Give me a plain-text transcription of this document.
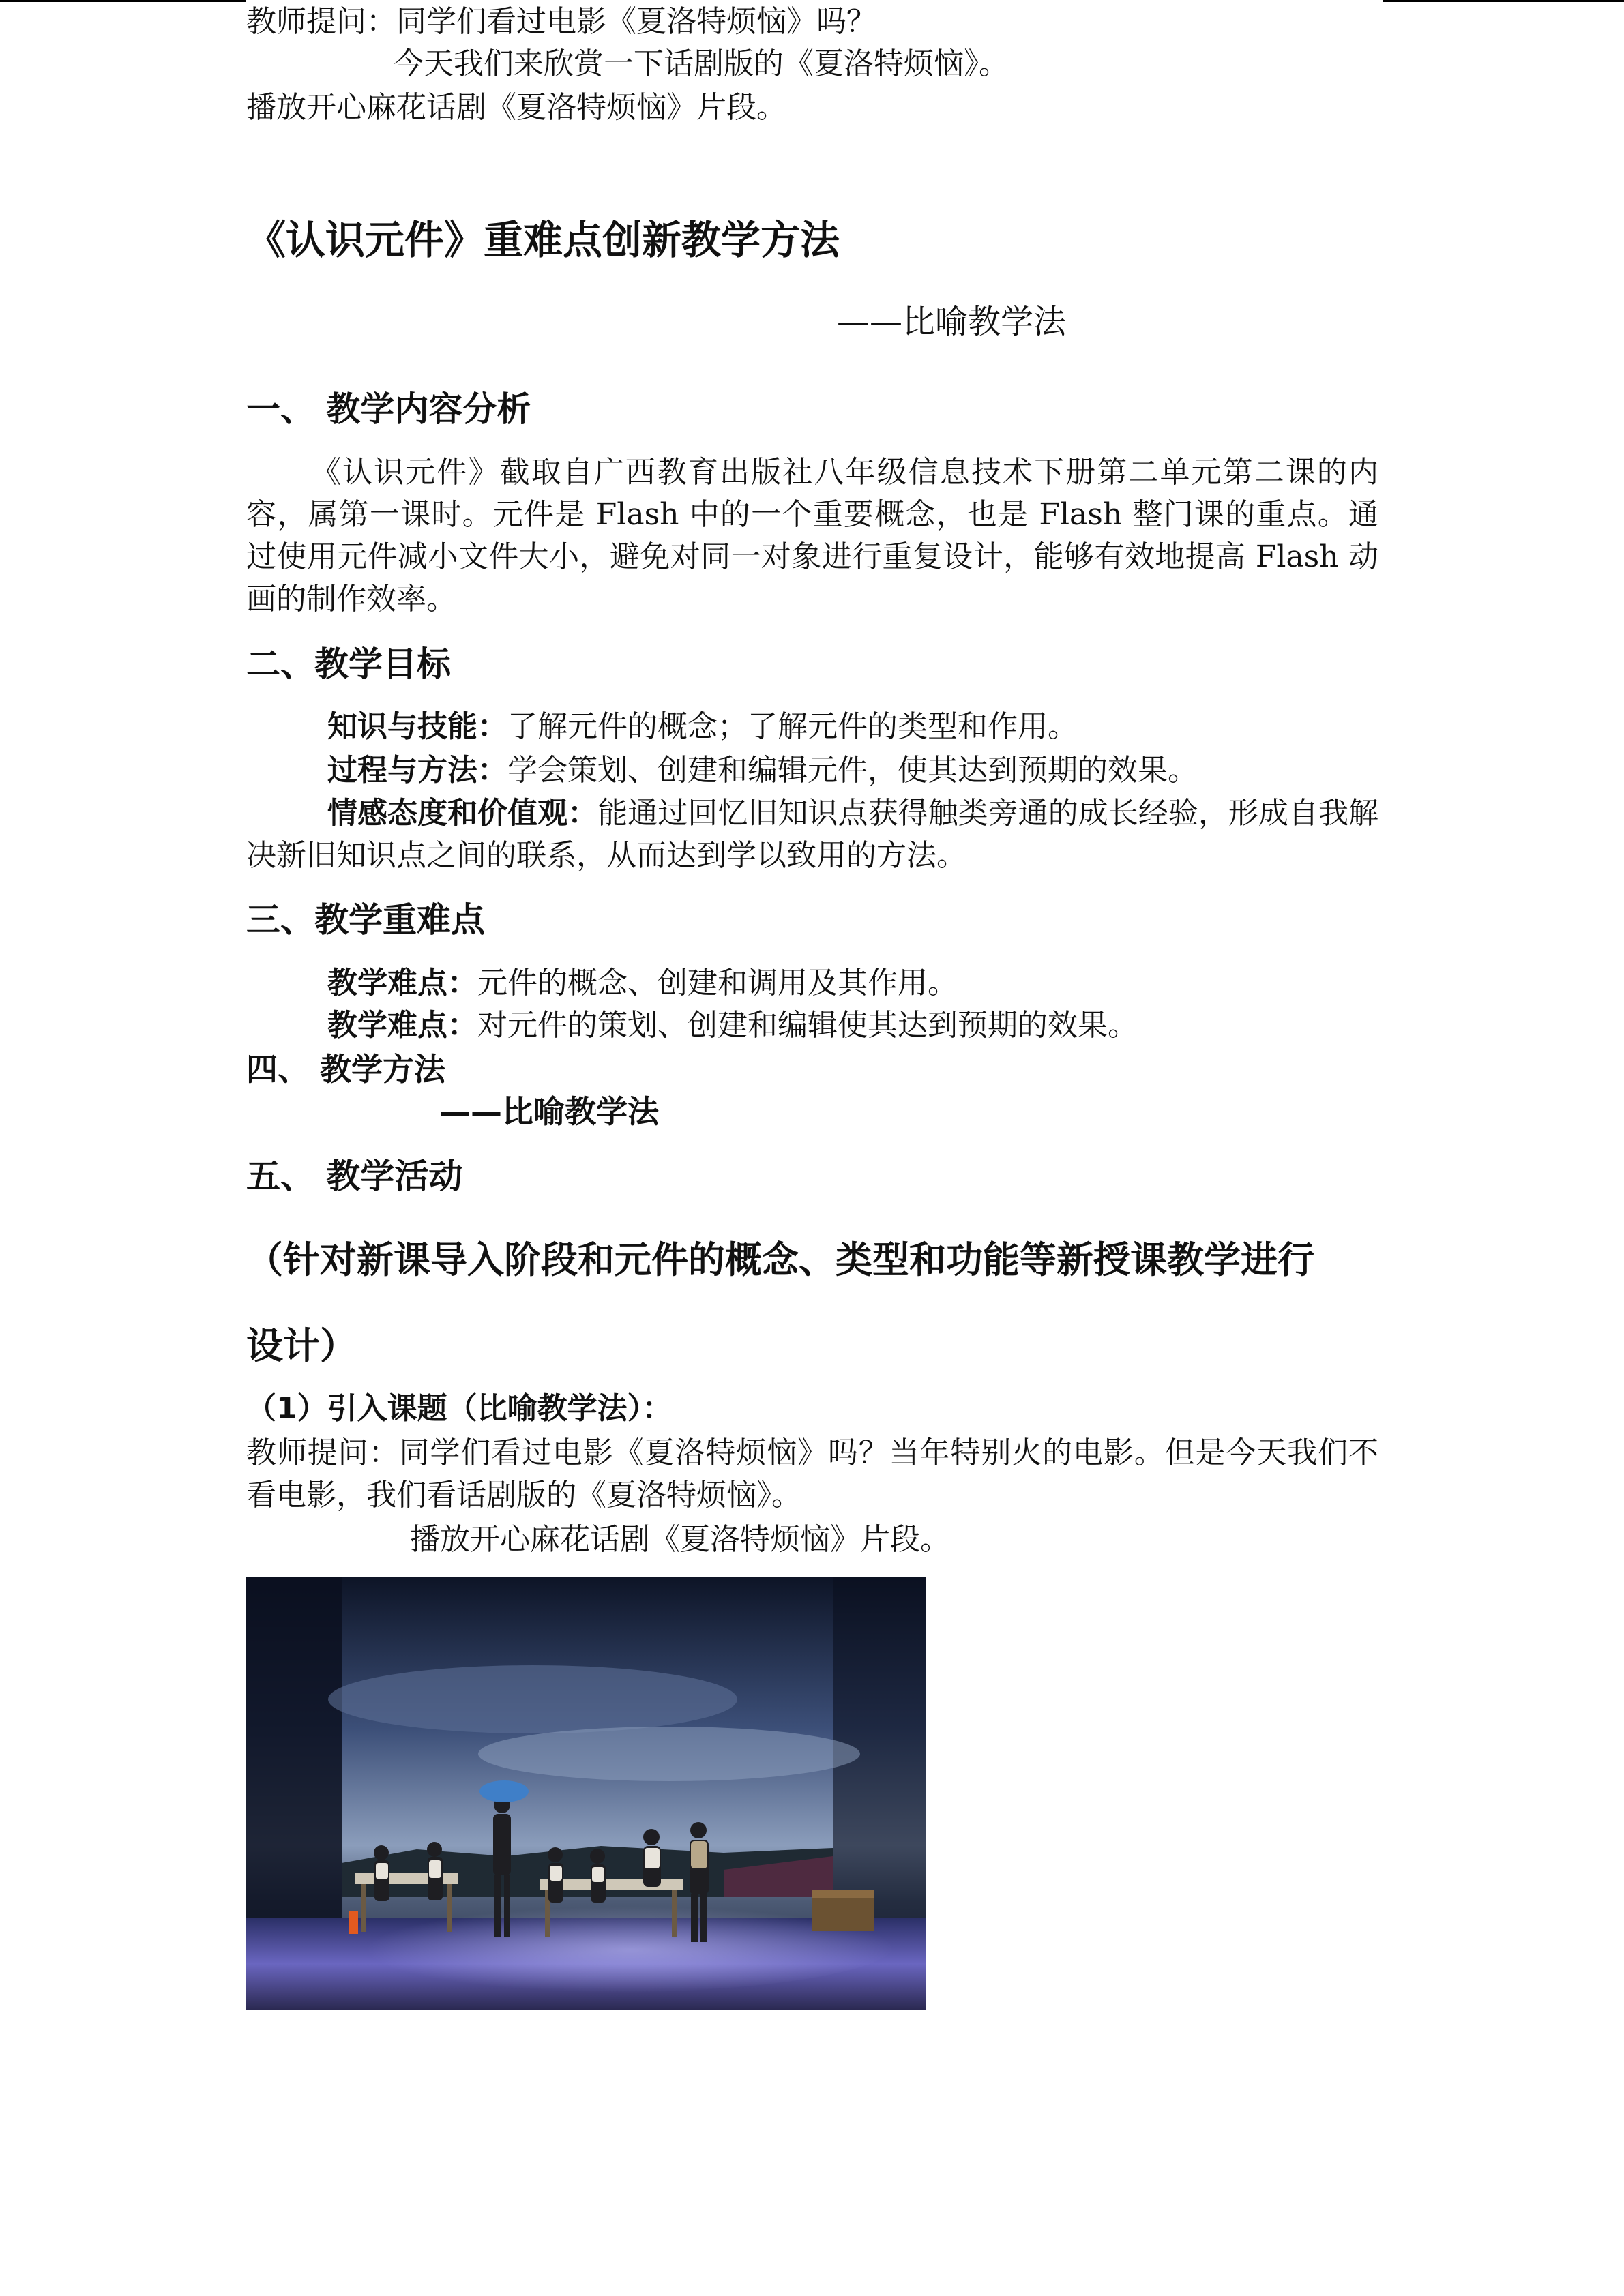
教师提问：同学们看过电影《夏洛特烦恼》吗？
今天我们来欣赏一下话剧版的《夏洛特烦恼》。
播放开心麻花话剧《夏洛特烦恼》片段。
《认识元件》重难点创新教学方法
——比喻教学法
一、 教学内容分析
《认识元件》截取自广西教育出版社八年级信息技术下册第二单元第二课的内容，属第一课时。元件是 Flash 中的一个重要概念，也是 Flash 整门课的重点。通过使用元件减小文件大小，避免对同一对象进行重复设计，能够有效地提高 Flash 动画的制作效率。
二、教学目标
知识与技能：了解元件的概念；了解元件的类型和作用。
过程与方法：学会策划、创建和编辑元件，使其达到预期的效果。
情感态度和价值观：能通过回忆旧知识点获得触类旁通的成长经验，形成自我解决新旧知识点之间的联系，从而达到学以致用的方法。
三、教学重难点
教学难点：元件的概念、创建和调用及其作用。
教学难点：对元件的策划、创建和编辑使其达到预期的效果。
四、 教学方法
——比喻教学法
五、 教学活动
（针对新课导入阶段和元件的概念、类型和功能等新授课教学进行
设计）
（1）引入课题（比喻教学法）：
教师提问：同学们看过电影《夏洛特烦恼》吗？当年特别火的电影。但是今天我们不看电影，我们看话剧版的《夏洛特烦恼》。
播放开心麻花话剧《夏洛特烦恼》片段。
